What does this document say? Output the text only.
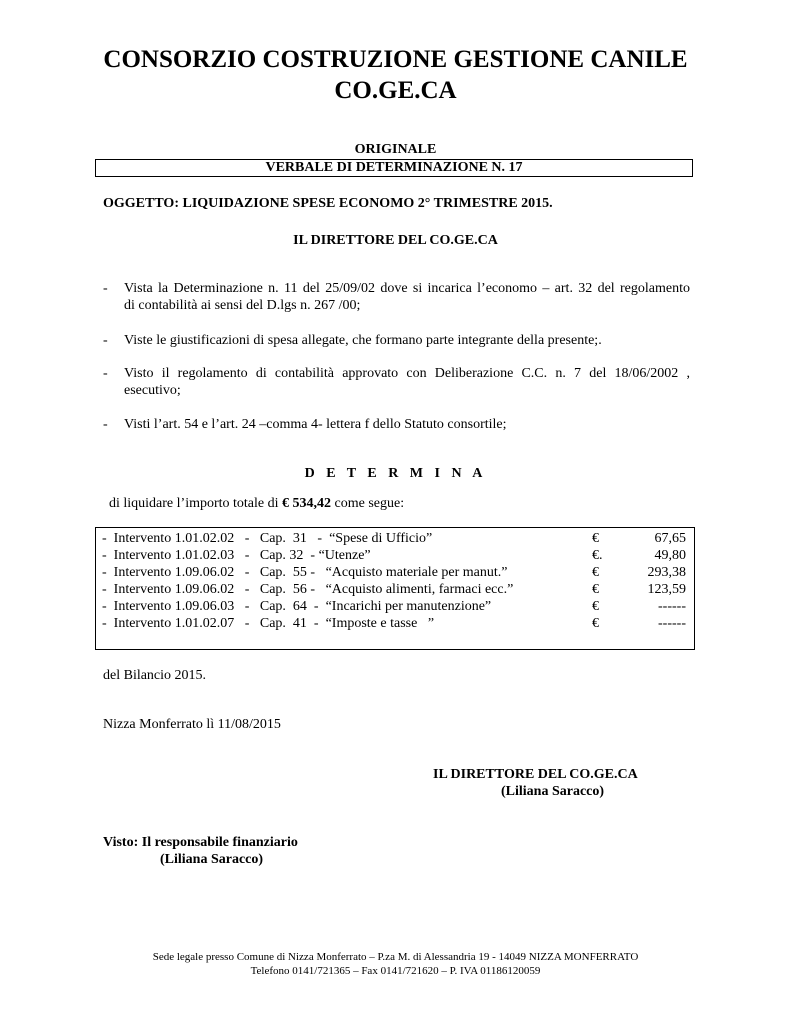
CONSORZIO COSTRUZIONE GESTIONE CANILE
CO.GE.CA
ORIGINALE
VERBALE DI DETERMINAZIONE N. 17
OGGETTO: LIQUIDAZIONE SPESE ECONOMO 2° TRIMESTRE 2015.
IL DIRETTORE DEL CO.GE.CA
- Vista la Determinazione n. 11 del 25/09/02 dove si incarica l’economo – art. 32 del regolamento
di contabilità ai sensi del D.lgs n. 267 /00;
- Viste le giustificazioni di spesa allegate, che formano parte integrante della presente;.
- Visto il regolamento di contabilità approvato con Deliberazione C.C. n. 7 del 18/06/2002 ,
esecutivo;
- Visti l’art. 54 e l’art. 24 –comma 4- lettera f dello Statuto consortile;
D E T E R M I N A
di liquidare l’importo totale di € 534,42 come segue:
-  Intervento 1.01.02.02   -   Cap.  31   -  “Spese di Ufficio”	€	67,65
-  Intervento 1.01.02.03   -   Cap. 32  - “Utenze”	€.	49,80
-  Intervento 1.09.06.02   -   Cap.  55 -   “Acquisto materiale per manut.”	€	293,38
-  Intervento 1.09.06.02   -   Cap.  56 -   “Acquisto alimenti, farmaci ecc.”	€	123,59
-  Intervento 1.09.06.03   -   Cap.  64  -  “Incarichi per manutenzione”	€	------
-  Intervento 1.01.02.07   -   Cap.  41  -  “Imposte e tasse   ”	€	------
del Bilancio 2015.
Nizza Monferrato lì 11/08/2015
IL DIRETTORE DEL CO.GE.CA
(Liliana Saracco)
Visto: Il responsabile finanziario
(Liliana Saracco)
Sede legale presso Comune di Nizza Monferrato – P.za M. di Alessandria 19 - 14049 NIZZA MONFERRATO
Telefono 0141/721365 – Fax 0141/721620 – P. IVA 01186120059
